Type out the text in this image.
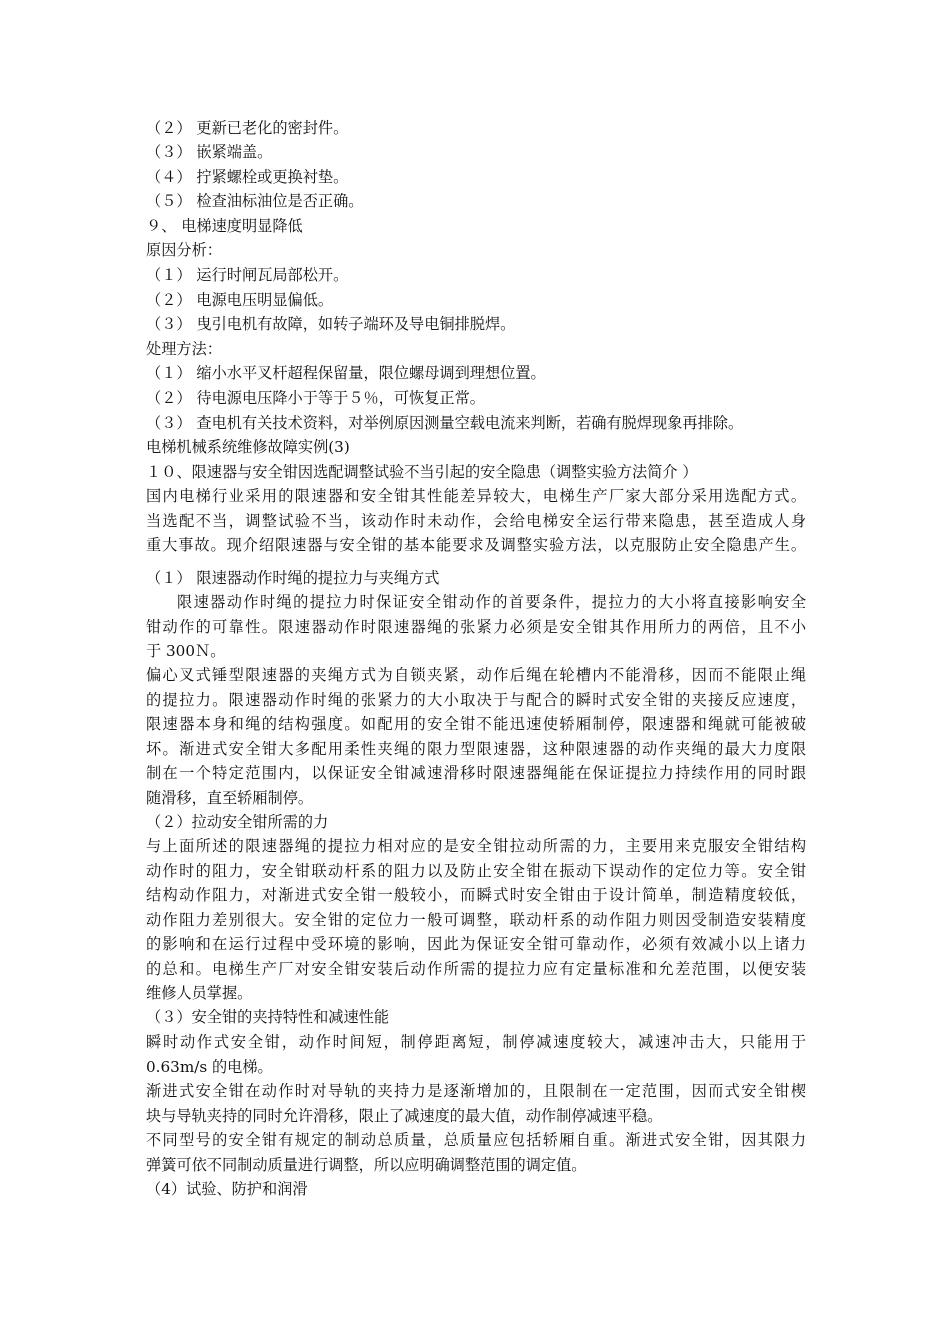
（２） 更新已老化的密封件。
（３） 嵌紧端盖。
（４） 拧紧螺栓或更换衬垫。
（５） 检查油标油位是否正确。
９、 电梯速度明显降低
原因分析：
（１） 运行时闸瓦局部松开。
（２） 电源电压明显偏低。
（３） 曳引电机有故障，如转子端环及导电铜排脱焊。
处理方法：
（１） 缩小水平叉杆超程保留量，限位螺母调到理想位置。
（２） 待电源电压降小于等于５％，可恢复正常。
（３） 查电机有关技术资料，对举例原因测量空载电流来判断，若确有脱焊现象再排除。
电梯机械系统维修故障实例(3)
１０、限速器与安全钳因选配调整试验不当引起的安全隐患（调整实验方法简介 ）
国内电梯行业采用的限速器和安全钳其性能差异较大，电梯生产厂家大部分采用选配方式。
当选配不当，调整试验不当，该动作时未动作，会给电梯安全运行带来隐患，甚至造成人身
重大事故。现介绍限速器与安全钳的基本能要求及调整实验方法，以克服防止安全隐患产生。
（１） 限速器动作时绳的提拉力与夹绳方式
限速器动作时绳的提拉力时保证安全钳动作的首要条件，提拉力的大小将直接影响安全
钳动作的可靠性。限速器动作时限速器绳的张紧力必须是安全钳其作用所力的两倍，且不小
于 300Ｎ。
偏心叉式锤型限速器的夹绳方式为自锁夹紧，动作后绳在轮槽内不能滑移，因而不能限止绳
的提拉力。限速器动作时绳的张紧力的大小取决于与配合的瞬时式安全钳的夹接反应速度，
限速器本身和绳的结构强度。如配用的安全钳不能迅速使轿厢制停，限速器和绳就可能被破
坏。渐进式安全钳大多配用柔性夹绳的限力型限速器，这种限速器的动作夹绳的最大力度限
制在一个特定范围内，以保证安全钳减速滑移时限速器绳能在保证提拉力持续作用的同时跟
随滑移，直至轿厢制停。
（２）拉动安全钳所需的力
与上面所述的限速器绳的提拉力相对应的是安全钳拉动所需的力，主要用来克服安全钳结构
动作时的阻力，安全钳联动杆系的阻力以及防止安全钳在振动下误动作的定位力等。安全钳
结构动作阻力，对渐进式安全钳一般较小，而瞬式时安全钳由于设计简单，制造精度较低，
动作阻力差别很大。安全钳的定位力一般可调整，联动杆系的动作阻力则因受制造安装精度
的影响和在运行过程中受环境的影响，因此为保证安全钳可靠动作，必须有效减小以上诸力
的总和。电梯生产厂对安全钳安装后动作所需的提拉力应有定量标准和允差范围，以便安装
维修人员掌握。
（３）安全钳的夹持特性和减速性能
瞬时动作式安全钳，动作时间短，制停距离短，制停减速度较大，减速冲击大，只能用于
0.63m/s 的电梯。
渐进式安全钳在动作时对导轨的夹持力是逐渐增加的，且限制在一定范围，因而式安全钳楔
块与导轨夹持的同时允许滑移，限止了减速度的最大值，动作制停减速平稳。
不同型号的安全钳有规定的制动总质量，总质量应包括轿厢自重。渐进式安全钳，因其限力
弹簧可依不同制动质量进行调整，所以应明确调整范围的调定值。
（4）试验、防护和润滑
